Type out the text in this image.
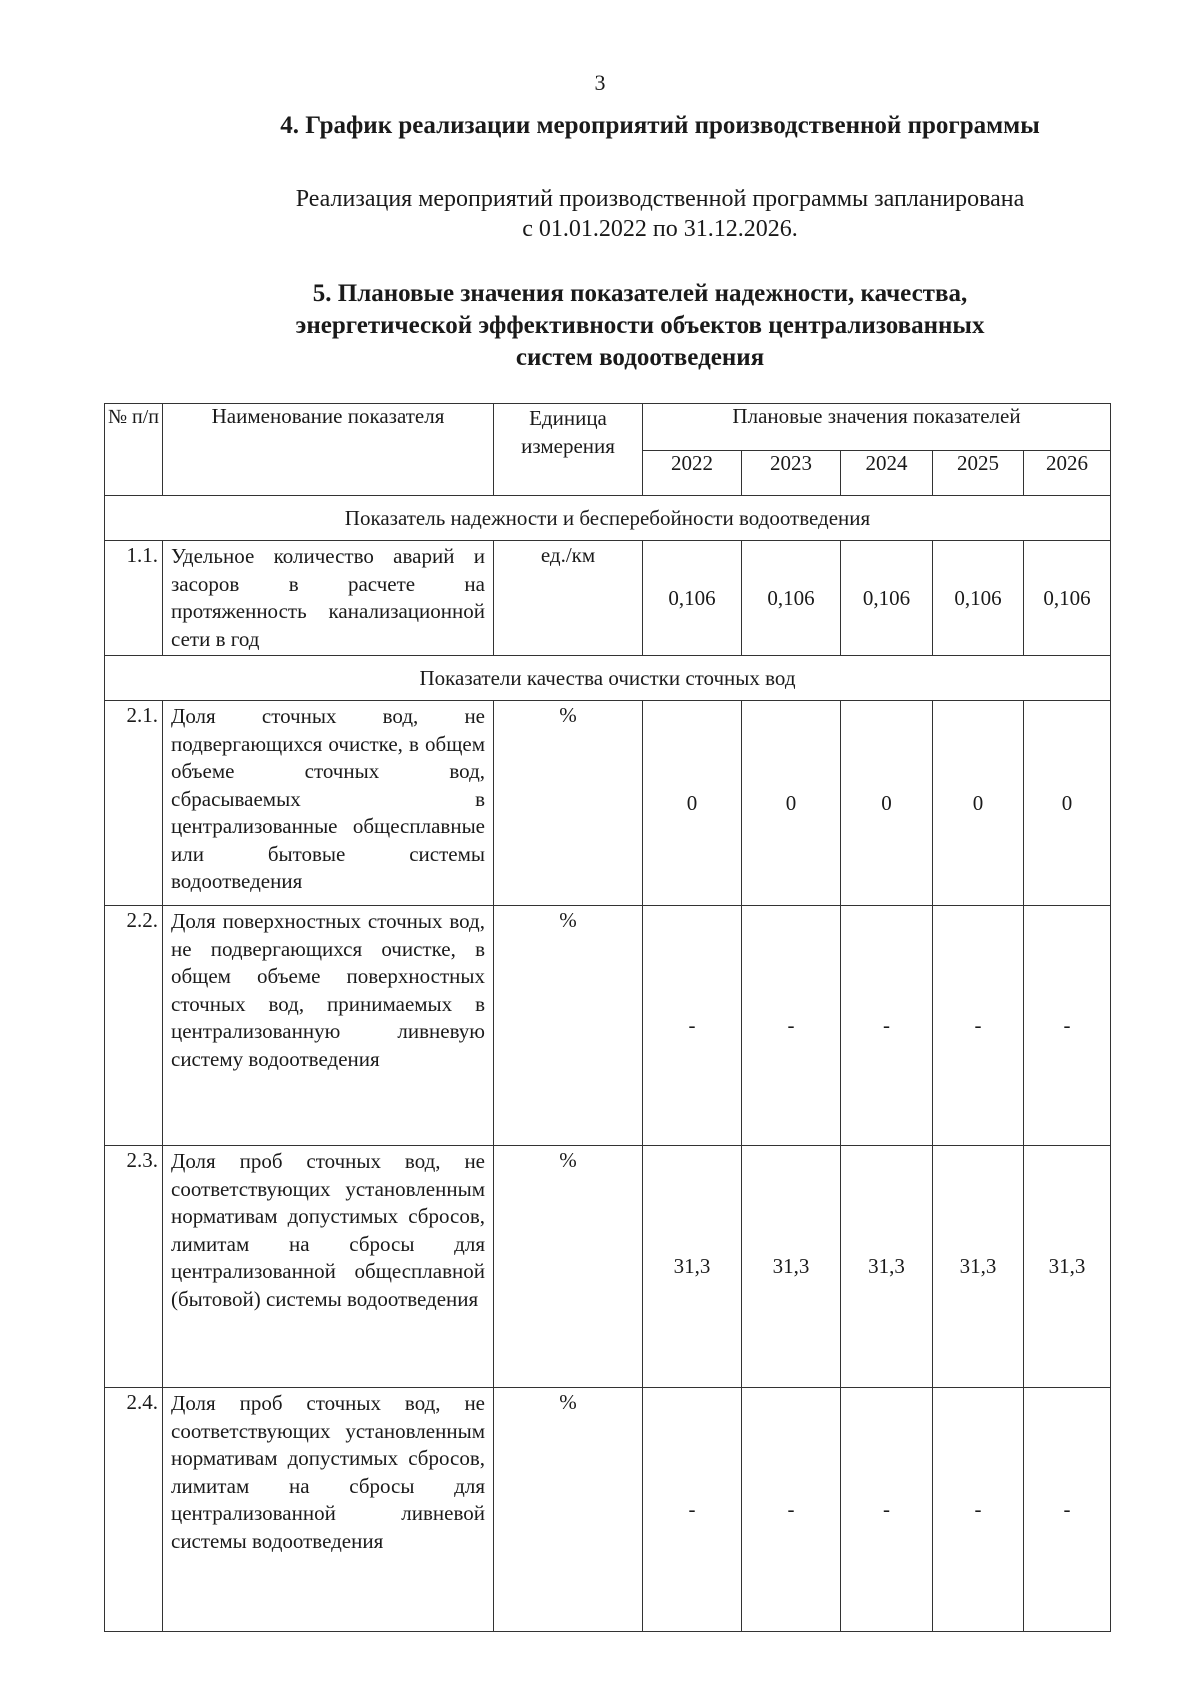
3
4. График реализации мероприятий производственной программы
Реализация мероприятий производственной программы запланирована
с 01.01.2022 по 31.12.2026.
5. Плановые значения показателей надежности, качества,
энергетической эффективности объектов централизованных
систем водоотведения
№ п/п	Наименование показателя	Единица измерения	Плановые значения показателей				
			2022	2023	2024	2025	2026
Показатель надежности и бесперебойности водоотведения							
1.1.	Удельное количество аварий и засоров в расчете на протяженность канализационной сети в год	ед./км	0,106	0,106	0,106	0,106	0,106
Показатели качества очистки сточных вод							
2.1.	Доля сточных вод, не подвергающихся очистке, в общем объеме сточных вод, сбрасываемых в централизованные общесплавные или бытовые системы водоотведения	%	0	0	0	0	0
2.2.	Доля поверхностных сточных вод, не подвергающихся очистке, в общем объеме поверхностных сточных вод, принимаемых в централизованную ливневую систему водоотведения	%	-	-	-	-	-
2.3.	Доля проб сточных вод, не соответствующих установленным нормативам допустимых сбросов, лимитам на сбросы для централизованной общесплавной (бытовой) системы водоотведения	%	31,3	31,3	31,3	31,3	31,3
2.4.	Доля проб сточных вод, не соответствующих установленным нормативам допустимых сбросов, лимитам на сбросы для централизованной ливневой системы водоотведения	%	-	-	-	-	-
